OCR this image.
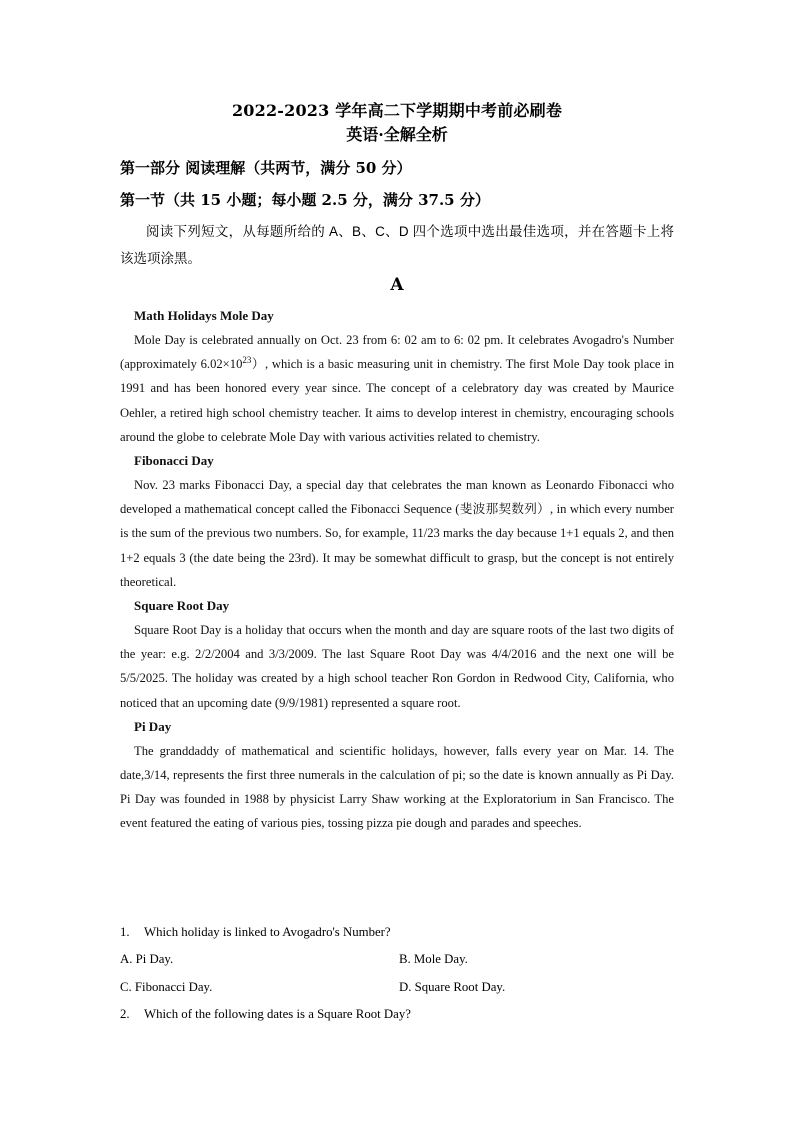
2022-2023 学年高二下学期期中考前必刷卷
英语·全解全析
第一部分 阅读理解（共两节，满分 50 分）
第一节（共 15 小题；每小题 2.5 分，满分 37.5 分）
阅读下列短文，从每题所给的 A、B、C、D 四个选项中选出最佳选项，并在答题卡上将该选项涂黑。
A
Math Holidays Mole Day
Mole Day is celebrated annually on Oct. 23 from 6: 02 am to 6: 02 pm. It celebrates Avogadro's Number (approximately $6.02\times 10^{23}$）, which is a basic measuring unit in chemistry. The first Mole Day took place in 1991 and has been honored every year since. The concept of a celebratory day was created by Maurice Oehler, a retired high school chemistry teacher. It aims to develop interest in chemistry, encouraging schools around the globe to celebrate Mole Day with various activities related to chemistry.
Fibonacci Day
Nov. 23 marks Fibonacci Day, a special day that celebrates the man known as Leonardo Fibonacci who developed a mathematical concept called the Fibonacci Sequence (斐波那契数列）, in which every number is the sum of the previous two numbers. So, for example, 11/23 marks the day because 1+1 equals 2, and then 1+2 equals 3 (the date being the 23rd). It may be somewhat difficult to grasp, but the concept is not entirely theoretical.
Square Root Day
Square Root Day is a holiday that occurs when the month and day are square roots of the last two digits of the year: e.g. 2/2/2004 and 3/3/2009. The last Square Root Day was 4/4/2016 and the next one will be 5/5/2025. The holiday was created by a high school teacher Ron Gordon in Redwood City, California, who noticed that an upcoming date (9/9/1981) represented a square root.
Pi Day
The granddaddy of mathematical and scientific holidays, however, falls every year on Mar. 14. The date,3/14, represents the first three numerals in the calculation of pi; so the date is known annually as Pi Day. Pi Day was founded in 1988 by physicist Larry Shaw working at the Exploratorium in San Francisco. The event featured the eating of various pies, tossing pizza pie dough and parades and speeches.
1. Which holiday is linked to Avogadro's Number?
A. Pi Day.	B. Mole Day.
C. Fibonacci Day.	D. Square Root Day.
2. Which of the following dates is a Square Root Day?
